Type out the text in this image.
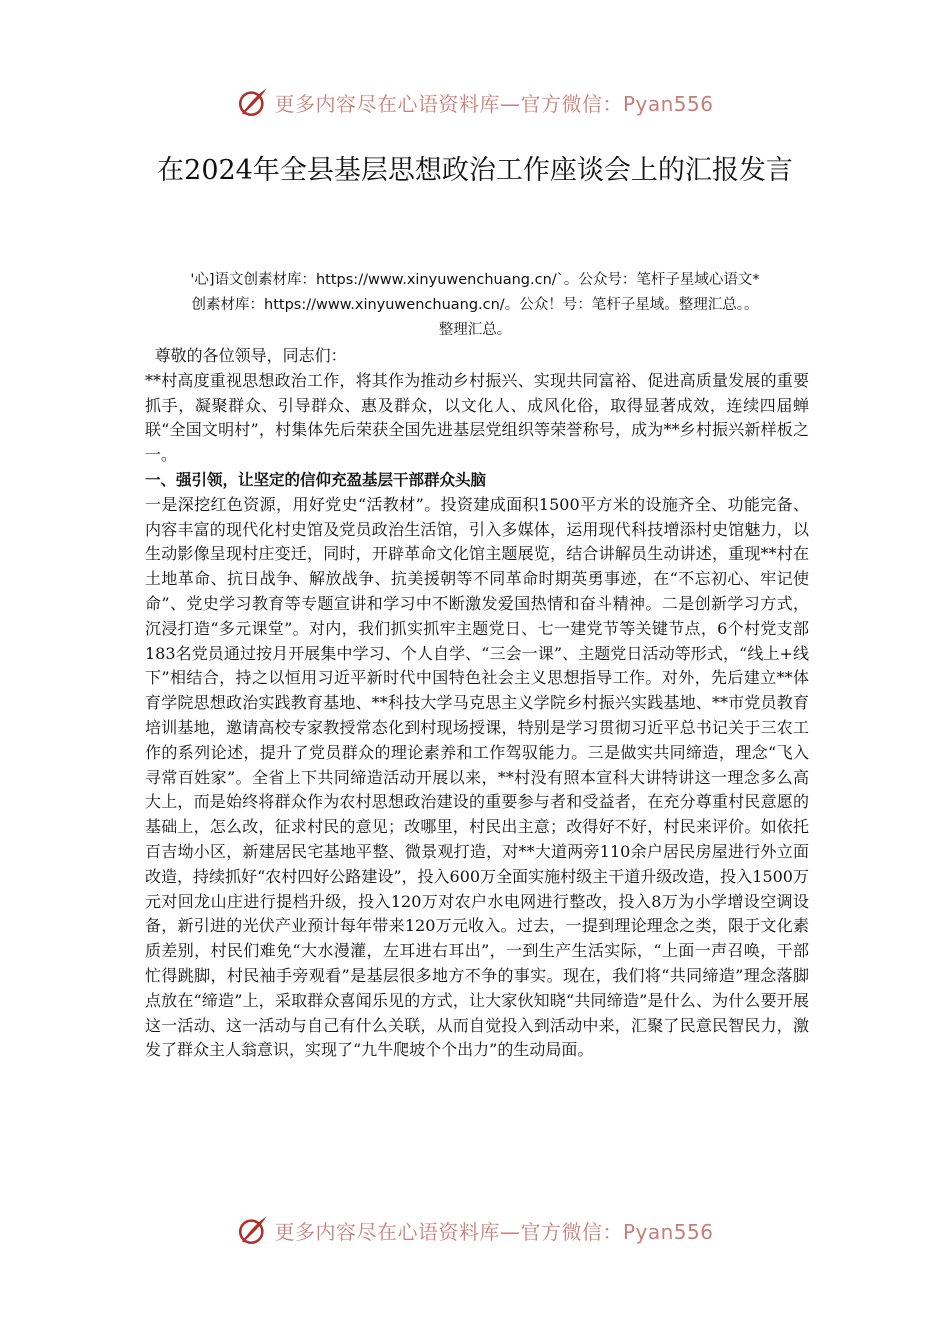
更多内容尽在心语资料库—官方微信：Pyan556
在2024年全县基层思想政治工作座谈会上的汇报发言
'心]语文创素材库：https://www.xinyuwenchuang.cn/`。公众号：笔杆子星域心语文*
创素材库：https://www.xinyuwenchuang.cn/。公众！号：笔杆子星域。整理汇总。。
整理汇总。

尊敬的各位领导，同志们：

**村高度重视思想政治工作，将其作为推动乡村振兴、实现共同富裕、促进高质量发展的重要抓手，凝聚群众、引导群众、惠及群众，以文化人、成风化俗，取得显著成效，连续四届蝉联“全国文明村”，村集体先后荣获全国先进基层党组织等荣誉称号，成为**乡村振兴新样板之一。

一、强引领，让坚定的信仰充盈基层干部群众头脑

一是深挖红色资源，用好党史“活教材”。投资建成面积1500平方米的设施齐全、功能完备、内容丰富的现代化村史馆及党员政治生活馆，引入多媒体，运用现代科技增添村史馆魅力，以生动影像呈现村庄变迁，同时，开辟革命文化馆主题展览，结合讲解员生动讲述，重现**村在土地革命、抗日战争、解放战争、抗美援朝等不同革命时期英勇事迹，在“不忘初心、牢记使命”、党史学习教育等专题宣讲和学习中不断激发爱国热情和奋斗精神。二是创新学习方式，沉浸打造“多元课堂”。对内，我们抓实抓牢主题党日、七一建党节等关键节点，6个村党支部183名党员通过按月开展集中学习、个人自学、“三会一课”、主题党日活动等形式，“线上+线下”相结合，持之以恒用习近平新时代中国特色社会主义思想指导工作。对外，先后建立**体育学院思想政治实践教育基地、**科技大学马克思主义学院乡村振兴实践基地、**市党员教育培训基地，邀请高校专家教授常态化到村现场授课，特别是学习贯彻习近平总书记关于三农工作的系列论述，提升了党员群众的理论素养和工作驾驭能力。三是做实共同缔造，理念“飞入寻常百姓家”。全省上下共同缔造活动开展以来，**村没有照本宣科大讲特讲这一理念多么高大上，而是始终将群众作为农村思想政治建设的重要参与者和受益者，在充分尊重村民意愿的基础上，怎么改，征求村民的意见；改哪里，村民出主意；改得好不好，村民来评价。如依托百吉坳小区，新建居民宅基地平整、微景观打造，对**大道两旁110余户居民房屋进行外立面改造，持续抓好“农村四好公路建设”，投入600万全面实施村级主干道升级改造，投入1500万元对回龙山庄进行提档升级，投入120万对农户水电网进行整改，投入8万为小学增设空调设备，新引进的光伏产业预计每年带来120万元收入。过去，一提到理论理念之类，限于文化素质差别，村民们难免“大水漫灌，左耳进右耳出”，一到生产生活实际，“上面一声召唤，干部忙得跳脚，村民袖手旁观看”是基层很多地方不争的事实。现在，我们将“共同缔造”理念落脚点放在“缔造”上，采取群众喜闻乐见的方式，让大家伙知晓“共同缔造”是什么、为什么要开展这一活动、这一活动与自己有什么关联，从而自觉投入到活动中来，汇聚了民意民智民力，激发了群众主人翁意识，实现了“九牛爬坡个个出力”的生动局面。

更多内容尽在心语资料库—官方微信：Pyan556
